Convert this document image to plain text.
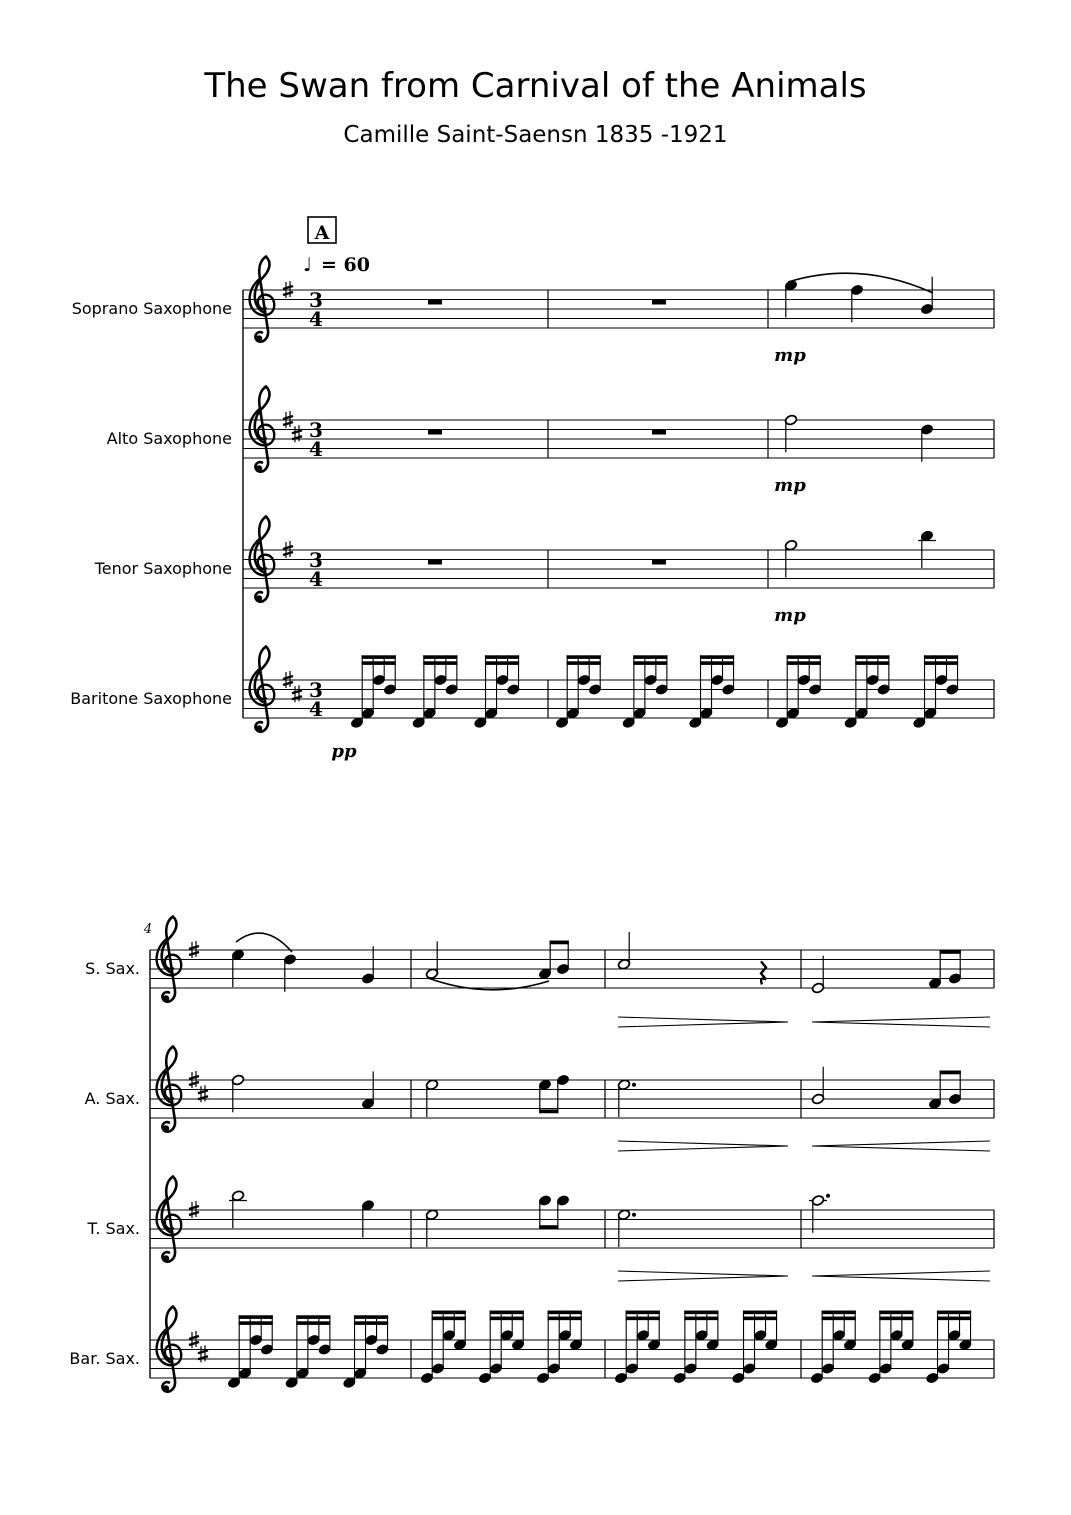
The Swan from Carnival of the Animals
Camille Saint-Saensn 1835 -1921
A
♩ = 60
Soprano Saxophone	3
4
Alto Saxophone	3
4
Tenor Saxophone	3
4
Baritone Saxophone	3
4
mp
mp
mp
pp
4
S. Sax.
A. Sax.
T. Sax.
Bar. Sax.
